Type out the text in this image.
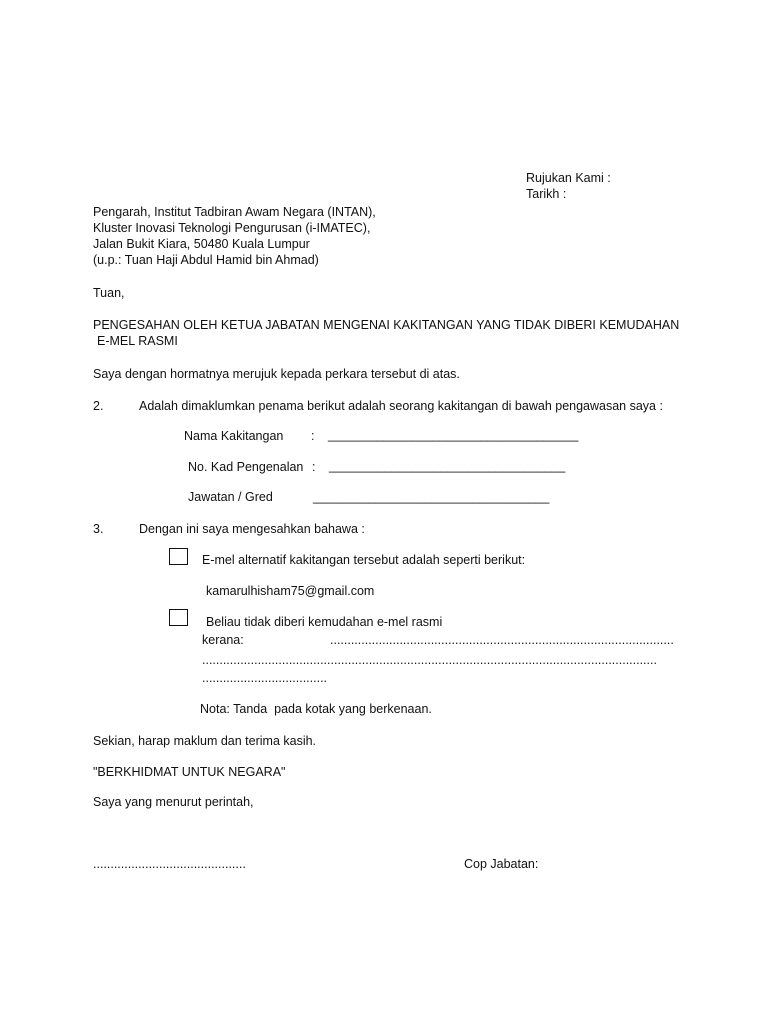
Rujukan Kami :
Tarikh :
Pengarah, Institut Tadbiran Awam Negara (INTAN),
Kluster Inovasi Teknologi Pengurusan (i-IMATEC),
Jalan Bukit Kiara, 50480 Kuala Lumpur
(u.p.: Tuan Haji Abdul Hamid bin Ahmad)
Tuan,
PENGESAHAN OLEH KETUA JABATAN MENGENAI KAKITANGAN YANG TIDAK DIBERI KEMUDAHAN
E-MEL RASMI
Saya dengan hormatnya merujuk kepada perkara tersebut di atas.
2.	Adalah dimaklumkan penama berikut adalah seorang kakitangan di bawah pengawasan saya :
Nama Kakitangan : ____________________________________
No. Kad Pengenalan : __________________________________
Jawatan / Gred	__________________________________
3.	Dengan ini saya mengesahkan bahawa :
E-mel alternatif kakitangan tersebut adalah seperti berikut:
kamarulhisham75@gmail.com
Beliau tidak diberi kemudahan e-mel rasmi
kerana:	...................................................................................................
...................................................................................................................................
....................................
Nota: Tanda  pada kotak yang berkenaan.
Sekian, harap maklum dan terima kasih.
"BERKHIDMAT UNTUK NEGARA"
Saya yang menurut perintah,
............................................	Cop Jabatan:
